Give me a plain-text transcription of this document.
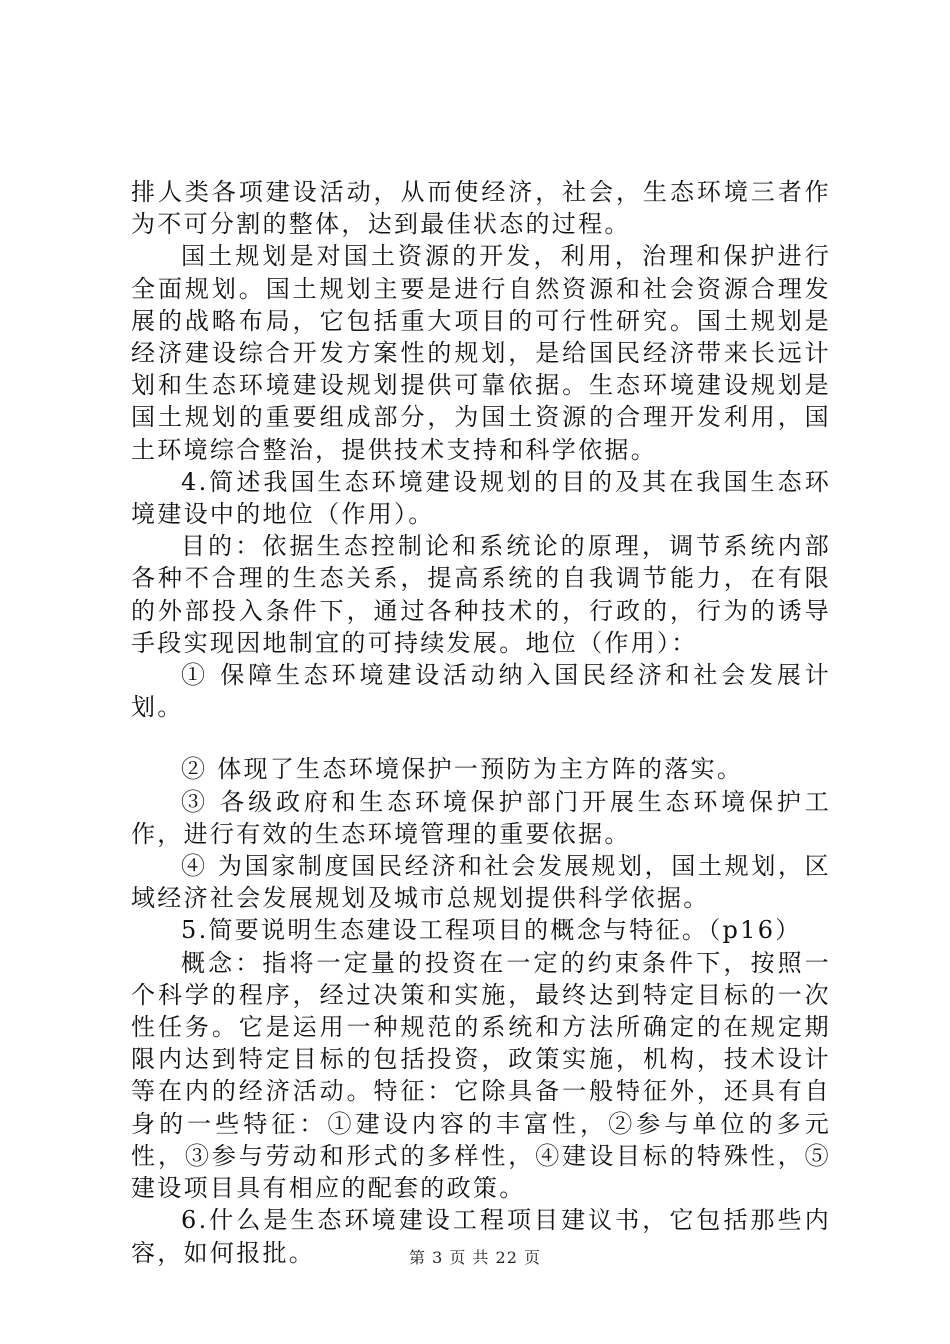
排人类各项建设活动，从而使经济，社会，生态环境三者作为不可分割的整体，达到最佳状态的过程。

国土规划是对国土资源的开发，利用，治理和保护进行全面规划。国土规划主要是进行自然资源和社会资源合理发展的战略布局，它包括重大项目的可行性研究。国土规划是经济建设综合开发方案性的规划，是给国民经济带来长远计划和生态环境建设规划提供可靠依据。生态环境建设规划是国土规划的重要组成部分，为国土资源的合理开发利用，国土环境综合整治，提供技术支持和科学依据。

4.简述我国生态环境建设规划的目的及其在我国生态环境建设中的地位（作用）。

目的：依据生态控制论和系统论的原理，调节系统内部各种不合理的生态关系，提高系统的自我调节能力，在有限的外部投入条件下，通过各种技术的，行政的，行为的诱导手段实现因地制宜的可持续发展。地位（作用）：

① 保障生态环境建设活动纳入国民经济和社会发展计划。

② 体现了生态环境保护一预防为主方阵的落实。

③ 各级政府和生态环境保护部门开展生态环境保护工作，进行有效的生态环境管理的重要依据。

④ 为国家制度国民经济和社会发展规划，国土规划，区域经济社会发展规划及城市总规划提供科学依据。

5.简要说明生态建设工程项目的概念与特征。（p16）

概念：指将一定量的投资在一定的约束条件下，按照一个科学的程序，经过决策和实施，最终达到特定目标的一次性任务。它是运用一种规范的系统和方法所确定的在规定期限内达到特定目标的包括投资，政策实施，机构，技术设计等在内的经济活动。特征：它除具备一般特征外，还具有自身的一些特征：①建设内容的丰富性，②参与单位的多元性，③参与劳动和形式的多样性，④建设目标的特殊性，⑤建设项目具有相应的配套的政策。

6.什么是生态环境建设工程项目建议书，它包括那些内容，如何报批。	第 3 页 共 22 页
